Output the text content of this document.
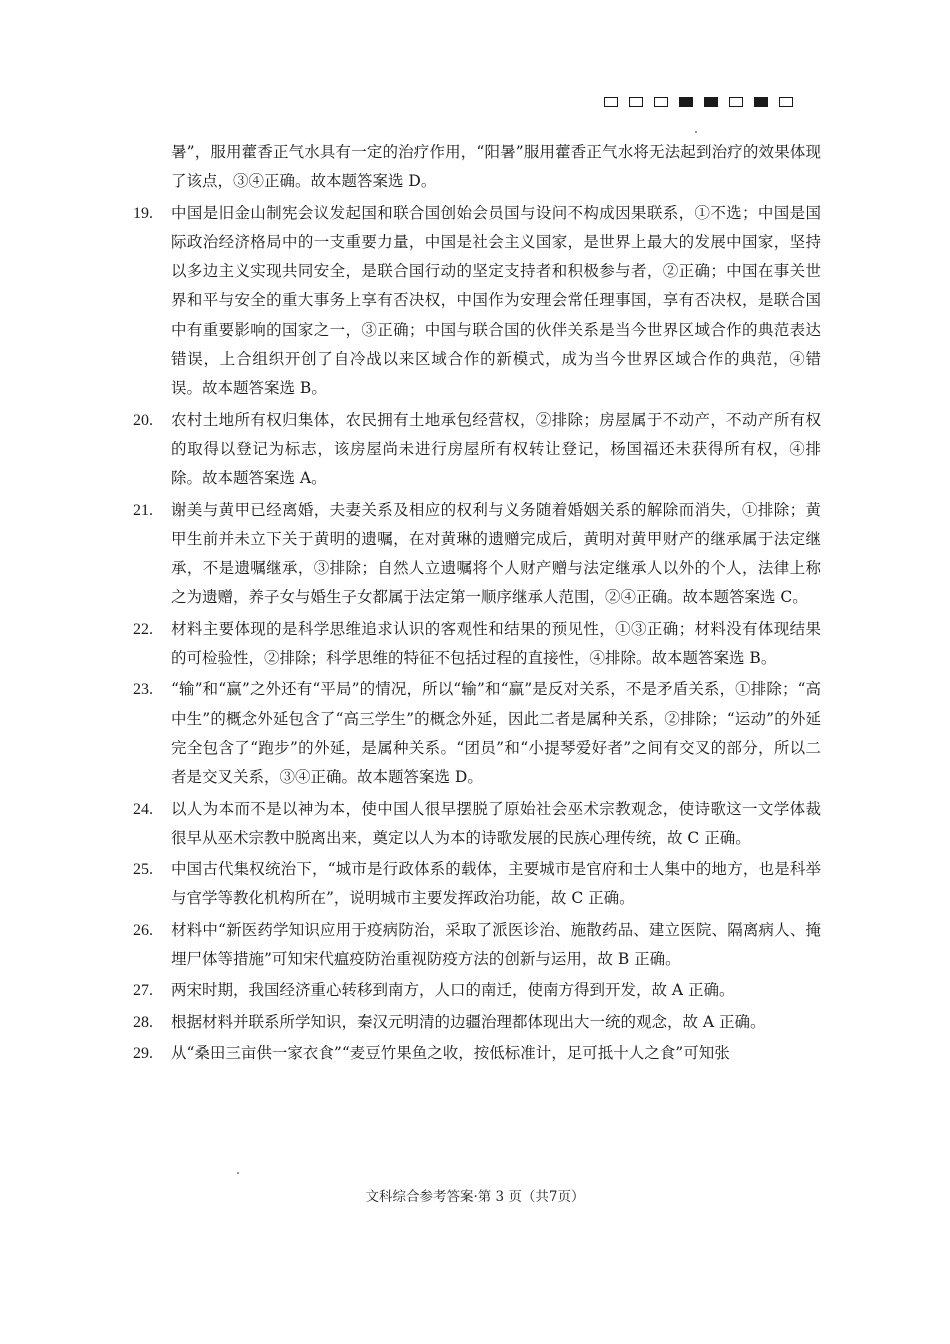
暑”，服用藿香正气水具有一定的治疗作用，“阳暑”服用藿香正气水将无法起到治疗的效果体现了该点，③④正确。故本题答案选 D。
19.	中国是旧金山制宪会议发起国和联合国创始会员国与设问不构成因果联系，①不选；中国是国际政治经济格局中的一支重要力量，中国是社会主义国家，是世界上最大的发展中国家，坚持以多边主义实现共同安全，是联合国行动的坚定支持者和积极参与者，②正确；中国在事关世界和平与安全的重大事务上享有否决权，中国作为安理会常任理事国，享有否决权，是联合国中有重要影响的国家之一，③正确；中国与联合国的伙伴关系是当今世界区域合作的典范表达错误，上合组织开创了自冷战以来区域合作的新模式，成为当今世界区域合作的典范，④错误。故本题答案选 B。
20.	农村土地所有权归集体，农民拥有土地承包经营权，②排除；房屋属于不动产，不动产所有权的取得以登记为标志，该房屋尚未进行房屋所有权转让登记，杨国福还未获得所有权，④排除。故本题答案选 A。
21.	谢美与黄甲已经离婚，夫妻关系及相应的权利与义务随着婚姻关系的解除而消失，①排除；黄甲生前并未立下关于黄明的遗嘱，在对黄琳的遗赠完成后，黄明对黄甲财产的继承属于法定继承，不是遗嘱继承，③排除；自然人立遗嘱将个人财产赠与法定继承人以外的个人，法律上称之为遗赠，养子女与婚生子女都属于法定第一顺序继承人范围，②④正确。故本题答案选 C。
22.	材料主要体现的是科学思维追求认识的客观性和结果的预见性，①③正确；材料没有体现结果的可检验性，②排除；科学思维的特征不包括过程的直接性，④排除。故本题答案选 B。
23.	“输”和“赢”之外还有“平局”的情况，所以“输”和“赢”是反对关系，不是矛盾关系，①排除；“高中生”的概念外延包含了“高三学生”的概念外延，因此二者是属种关系，②排除；“运动”的外延完全包含了“跑步”的外延，是属种关系。“团员”和“小提琴爱好者”之间有交叉的部分，所以二者是交叉关系，③④正确。故本题答案选 D。
24.	以人为本而不是以神为本，使中国人很早摆脱了原始社会巫术宗教观念，使诗歌这一文学体裁很早从巫术宗教中脱离出来，奠定以人为本的诗歌发展的民族心理传统，故 C 正确。
25.	中国古代集权统治下，“城市是行政体系的载体，主要城市是官府和士人集中的地方，也是科举与官学等教化机构所在”，说明城市主要发挥政治功能，故 C 正确。
26.	材料中“新医药学知识应用于疫病防治，采取了派医诊治、施散药品、建立医院、隔离病人、掩埋尸体等措施”可知宋代瘟疫防治重视防疫方法的创新与运用，故 B 正确。
27.	两宋时期，我国经济重心转移到南方，人口的南迁，使南方得到开发，故 A 正确。
28.	根据材料并联系所学知识，秦汉元明清的边疆治理都体现出大一统的观念，故 A 正确。
29.	从“桑田三亩供一家衣食”“麦豆竹果鱼之收，按低标准计，足可抵十人之食”可知张
文科综合参考答案·第 3 页（共7页）
